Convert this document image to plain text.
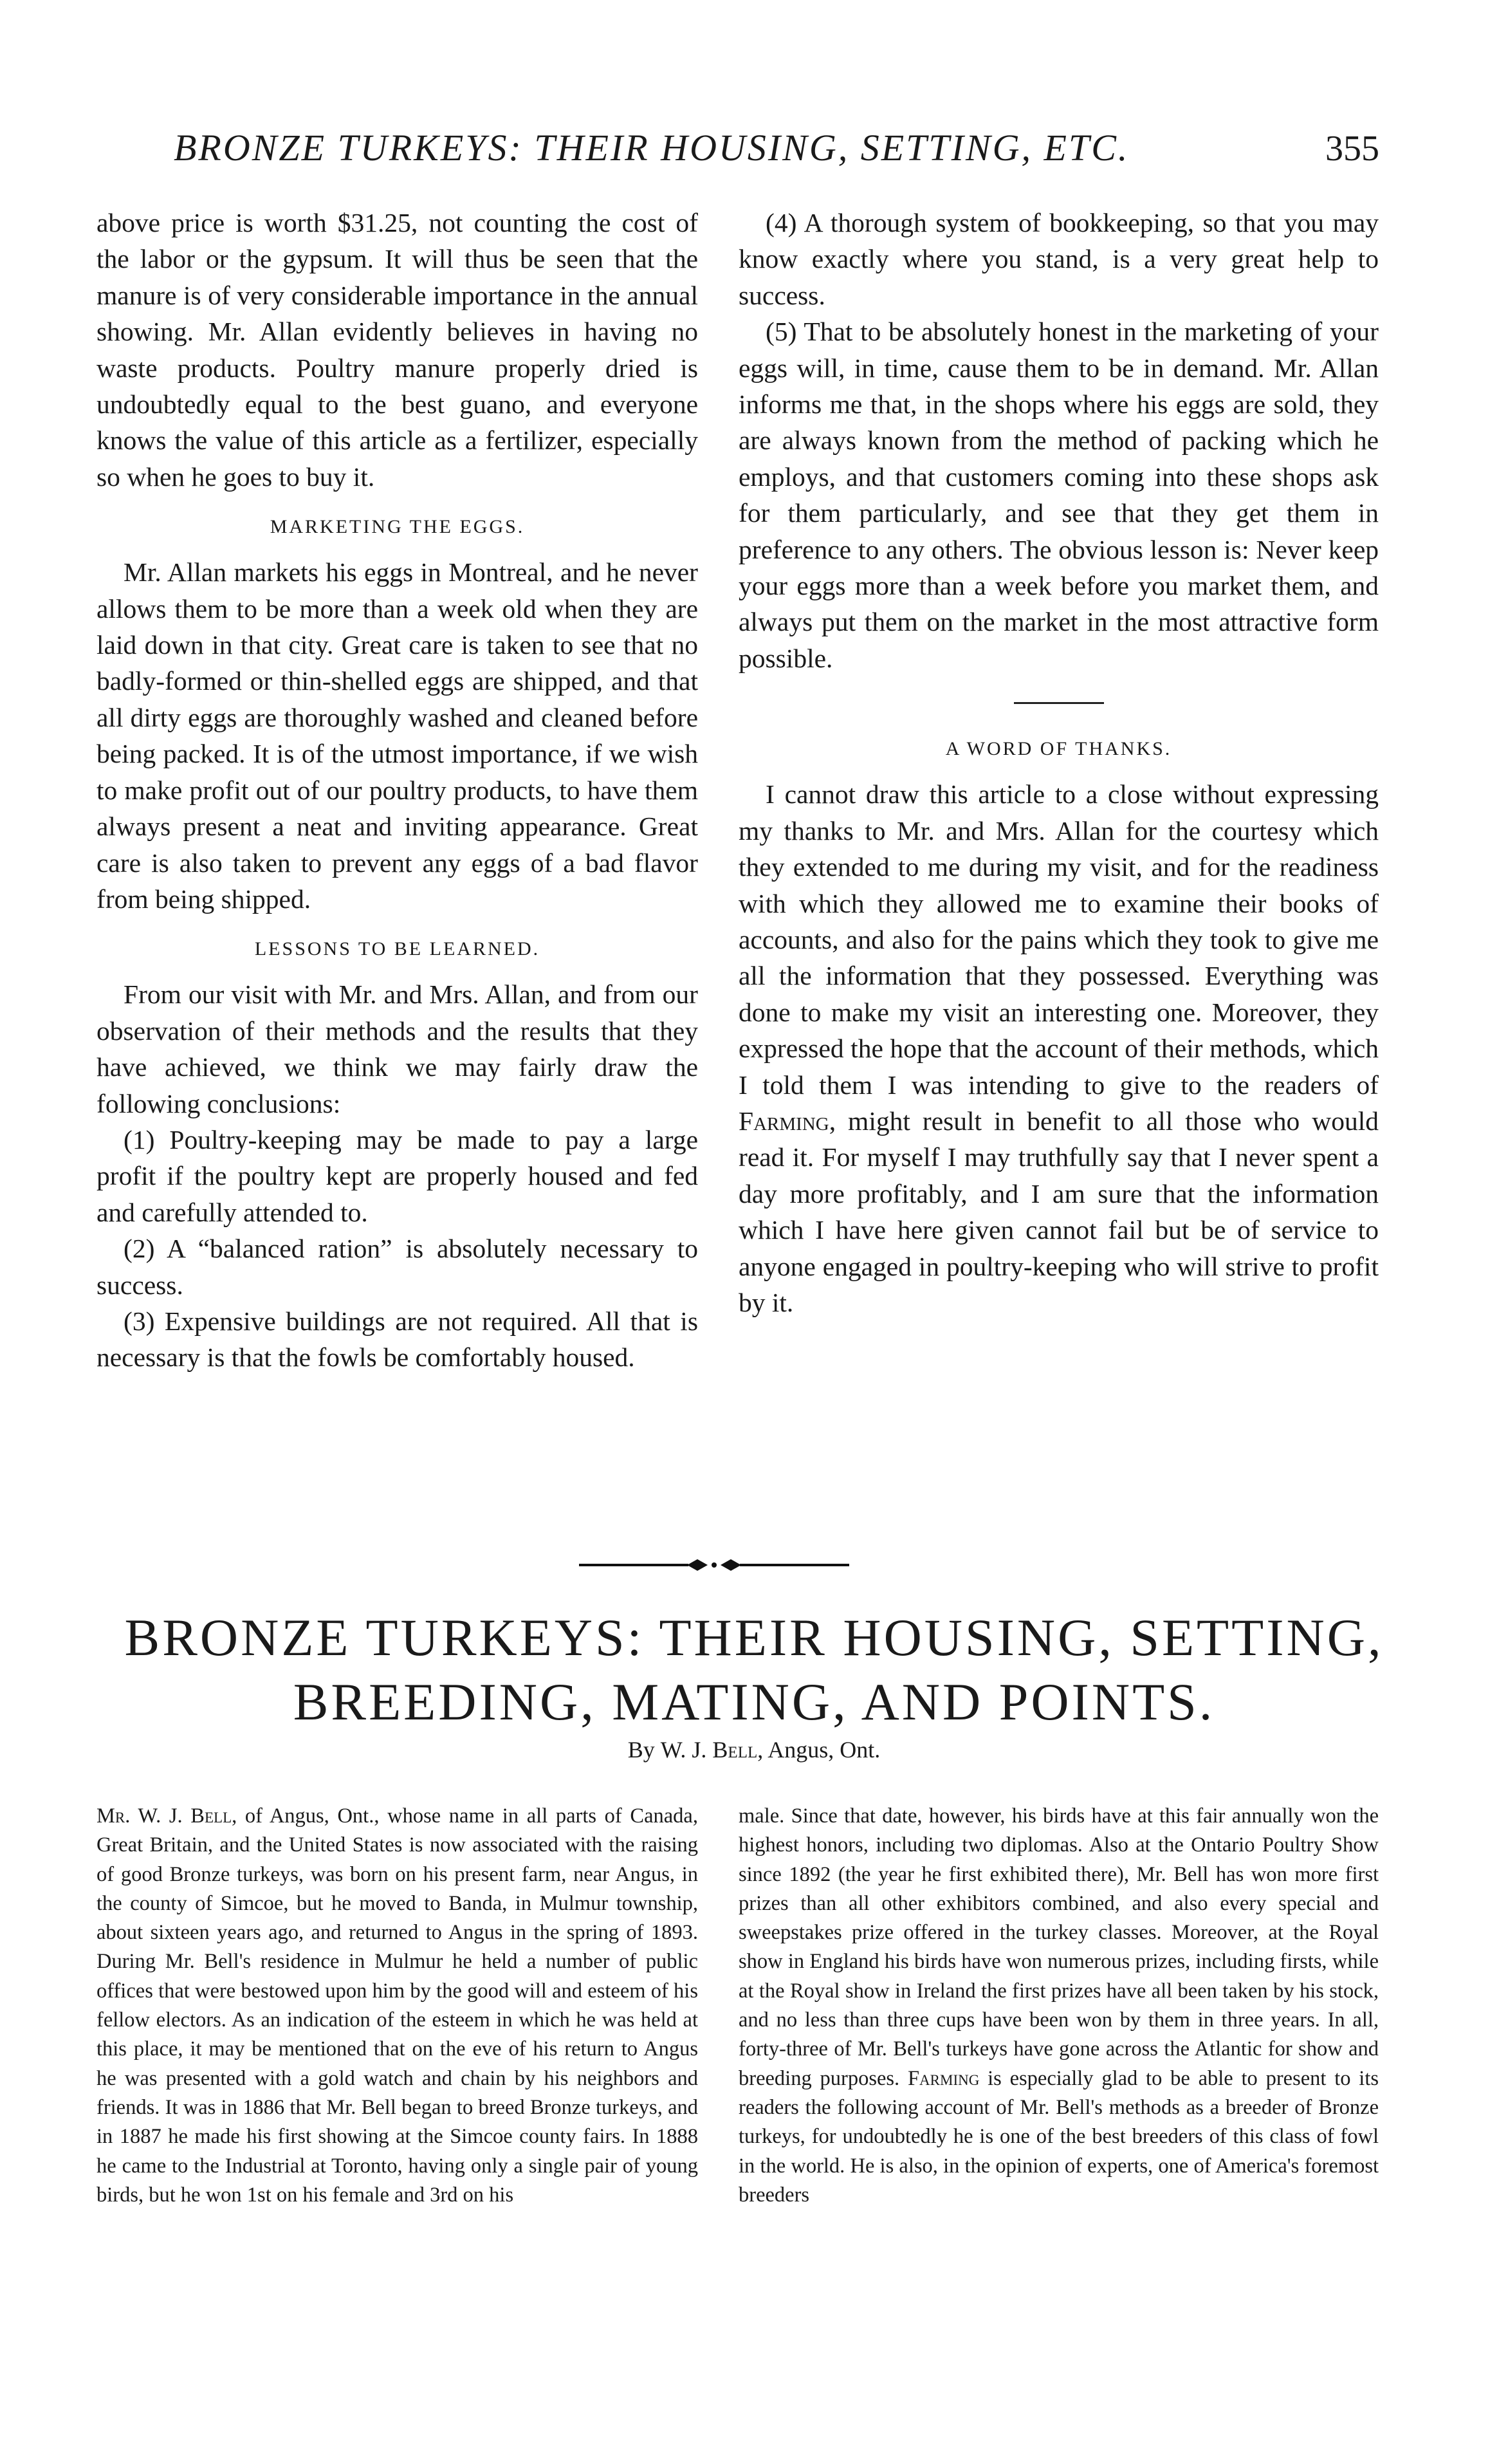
BRONZE TURKEYS: THEIR HOUSING, SETTING, ETC.	355

above price is worth $31.25, not counting the cost of the labor or the gypsum. It will thus be seen that the manure is of very considerable importance in the annual showing. Mr. Allan evidently believes in having no waste products. Poultry manure properly dried is undoubtedly equal to the best guano, and everyone knows the value of this article as a fertilizer, especially so when he goes to buy it.

MARKETING THE EGGS.

Mr. Allan markets his eggs in Montreal, and he never allows them to be more than a week old when they are laid down in that city. Great care is taken to see that no badly-formed or thin-shelled eggs are shipped, and that all dirty eggs are thoroughly washed and cleaned before being packed. It is of the utmost importance, if we wish to make profit out of our poultry products, to have them always present a neat and inviting appearance. Great care is also taken to prevent any eggs of a bad flavor from being shipped.

LESSONS TO BE LEARNED.

From our visit with Mr. and Mrs. Allan, and from our observation of their methods and the results that they have achieved, we think we may fairly draw the following conclusions:

(1) Poultry-keeping may be made to pay a large profit if the poultry kept are properly housed and fed and carefully attended to.

(2) A “balanced ration” is absolutely necessary to success.

(3) Expensive buildings are not required. All that is necessary is that the fowls be comfortably housed.

(4) A thorough system of bookkeeping, so that you may know exactly where you stand, is a very great help to success.

(5) That to be absolutely honest in the marketing of your eggs will, in time, cause them to be in demand. Mr. Allan informs me that, in the shops where his eggs are sold, they are always known from the method of packing which he employs, and that customers coming into these shops ask for them particularly, and see that they get them in preference to any others. The obvious lesson is: Never keep your eggs more than a week before you market them, and always put them on the market in the most attractive form possible.

A WORD OF THANKS.

I cannot draw this article to a close without expressing my thanks to Mr. and Mrs. Allan for the courtesy which they extended to me during my visit, and for the readiness with which they allowed me to examine their books of accounts, and also for the pains which they took to give me all the information that they possessed. Everything was done to make my visit an interesting one. Moreover, they expressed the hope that the account of their methods, which I told them I was intending to give to the readers of Farming, might result in benefit to all those who would read it. For myself I may truthfully say that I never spent a day more profitably, and I am sure that the information which I have here given cannot fail but be of service to anyone engaged in poultry-keeping who will strive to profit by it.

BRONZE TURKEYS: THEIR HOUSING, SETTING,
BREEDING, MATING, AND POINTS.
By W. J. Bell, Angus, Ont.

Mr. W. J. Bell, of Angus, Ont., whose name in all parts of Canada, Great Britain, and the United States is now associated with the raising of good Bronze turkeys, was born on his present farm, near Angus, in the county of Simcoe, but he moved to Banda, in Mulmur township, about sixteen years ago, and returned to Angus in the spring of 1893. During Mr. Bell's residence in Mulmur he held a number of public offices that were bestowed upon him by the good will and esteem of his fellow electors. As an indication of the esteem in which he was held at this place, it may be mentioned that on the eve of his return to Angus he was presented with a gold watch and chain by his neighbors and friends. It was in 1886 that Mr. Bell began to breed Bronze turkeys, and in 1887 he made his first showing at the Simcoe county fairs. In 1888 he came to the Industrial at Toronto, having only a single pair of young birds, but he won 1st on his female and 3rd on his

male. Since that date, however, his birds have at this fair annually won the highest honors, including two diplomas. Also at the Ontario Poultry Show since 1892 (the year he first exhibited there), Mr. Bell has won more first prizes than all other exhibitors combined, and also every special and sweepstakes prize offered in the turkey classes. Moreover, at the Royal show in England his birds have won numerous prizes, including firsts, while at the Royal show in Ireland the first prizes have all been taken by his stock, and no less than three cups have been won by them in three years. In all, forty-three of Mr. Bell's turkeys have gone across the Atlantic for show and breeding purposes. Farming is especially glad to be able to present to its readers the following account of Mr. Bell's methods as a breeder of Bronze turkeys, for undoubtedly he is one of the best breeders of this class of fowl in the world. He is also, in the opinion of experts, one of America's foremost breeders
